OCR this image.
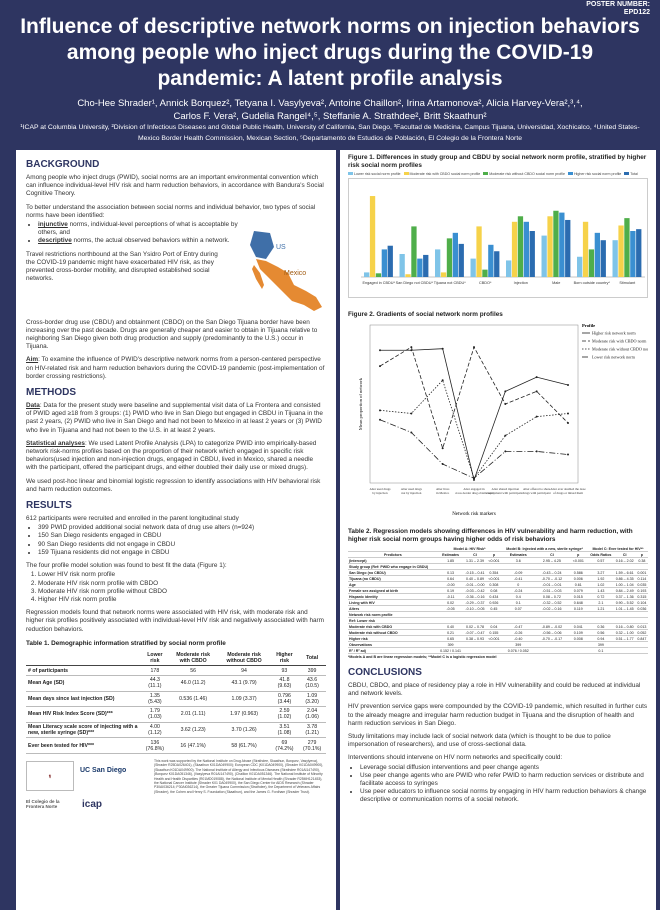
POSTER NUMBER:
EPD122
Influence of descriptive network norms on injection behaviors among people who inject drugs during the COVID-19 pandemic: A latent profile analysis
Cho-Hee Shrader¹, Annick Borquez², Tetyana I. Vasylyeva², Antoine Chaillon², Irina Artamonova², Alicia Harvey-Vera²,³,⁴,
Carlos F. Vera², Gudelia Rangel⁴,⁵, Steffanie A. Strathdee², Britt Skaathun²
¹ICAP at Columbia University, ²Division of Infectious Diseases and Global Public Health, University of California, San Diego, ³Facultad de Medicina, Campus Tijuana, Universidad, Xochicalco, ⁴United States-Mexico Border Health Commission, Mexican Section, ⁵Departamento de Estudios de Población, El Colegio de la Frontera Norte
BACKGROUND

Among people who inject drugs (PWID), social norms are an important environmental convention which can influence individual-level HIV risk and harm reduction behaviors, in accordance with Bandura's Social Cognitive Theory.

To better understand the association between social norms and individual behavior, two types of social norms have been identified:

• injunctive norms, individual-level perceptions of what is acceptable by others, and
• descriptive norms, the actual observed behaviors within a network.

Travel restrictions northbound at the San Ysidro Port of Entry during the COVID-19 pandemic might have exacerbated HIV risk, as they prevented cross-border mobility, and disrupted established social networks.

US
Mexico

Cross-border drug use (CBDU) and obtainment (CBDO) on the San Diego Tijuana border have been increasing over the past decade. Drugs are generally cheaper and easier to obtain in Tijuana relative to neighboring San Diego given both drug production and supply (predominantly to the U.S.) occur in Tijuana.

Aim: To examine the influence of PWID's descriptive network norms from a person-centered perspective on HIV-related risk and harm reduction behaviors during the COVID-19 pandemic (post-implementation of border crossing restrictions).

METHODS

Data: Data for the present study were baseline and supplemental visit data of La Frontera and consisted of PWID aged ≥18 from 3 groups: (1) PWID who live in San Diego but engaged in CBDU in Tijuana in the past 2 years, (2) PWID who live in San Diego and had not been to Mexico in at least 2 years or (3) PWID who live in Tijuana and had not been to the U.S. in at least 2 years.

Statistical analyses: We used Latent Profile Analysis (LPA) to categorize PWID into empirically-based network risk-norms profiles based on the proportion of their network which engaged in specific risk behaviors(used injection and non-injection drugs, engaged in CBDU, lived in Mexico, shared a needle with the participant, offered the participant drugs, and either doubled their daily use or mixed drugs).

We used post-hoc linear and binomial logistic regression to identify associations with HIV behavioral risk and harm reduction outcomes.

RESULTS

612 participants were recruited and enrolled in the parent longitudinal study

• 399 PWID provided additional social network data of drug use alters (n=924)
• 150 San Diego residents engaged in CBDU
• 90 San Diego residents did not engage in CBDU
• 159 Tijuana residents did not engage in CBDU

The four profile model solution was found to best fit the data (Figure 1):

1. Lower HIV risk norm profile
2. Moderate HIV risk norm profile with CBDO
3. Moderate HIV risk norm profile without CBDO
4. Higher HIV risk norm profile

Regression models found that network norms were associated with HIV risk, with moderate risk and higher risk profiles positively associated with individual-level HIV risk and negatively associated with harm reduction behaviors.

Table 1. Demographic information stratified by social norm profile
	Lower risk	Moderate risk with CBDO	Moderate risk without CBDO	Higher risk	Total
# of participants	178	56	94	93	399
Mean Age (SD)	44.3 (11.1)	46.0 (11.2)	43.1 (9.79)	41.8 (9.63)	43.6 (10.5)
Mean days since last injection (SD)	1.35 (5.43)	0.536 (1.46)	1.09 (3.37)	0.796 (3.44)	1.09 (3.20)
Mean HIV Risk Index Score (SD)***	1.79 (1.03)	2.01 (1.11)	1.97 (0.963)	2.59 (1.02)	2.04 (1.06)
Mean Literacy scale score of injecting with a new, sterile syringe (SD)***	4.00 (1.12)	3.62 (1.23)	3.70 (1.26)	3.51 (1.08)	3.78 (1.21)
Ever been tested for HIV***	136 (76.8%)	16 (47.1%)	58 (61.7%)	69 (74.2%)	279 (70.1%)
⚕
UC San Diego
El Colegio de la Frontera Norte	icap
This work was supported by the National Institute on Drug Abuse (Strathdee, Skaathun, Borquez, Vasylyeva), (Shrader R25DA026401), (Skaathun K01DA049900); European CDC (K01DA049900), (Shrader K01DA049900), (Skaathun K01DA049900). The National Institute of Allergy and Infectious Diseases (Strathdee R01AI147490), (Borquez K01DA051346), (Vasylyeva R01AI147490), (Chaillon K01DA051346). The National Institute of Minority Health and Health Disparities (R01MD019088), the National Institute of Mental Health (Shrader R25MH121453), the National Cancer Institute (Shrader K01 DA049900), the San Diego Center for AIDS Research (Shrader P30AI036214; P30AI036214), the Greater Tijuana Commission (Strathdee), the Department of Veterans Affairs (Shrader), the Cohen and Henry S. Foundation (Skaathun), and the James G. Fordham (Shrader Trust).
Figure 1. Differences in study group and CBDU by social network norm profile, stratified by higher risk social norm profiles
Lower risk social norm profile	Moderate risk with CBDO social norm profile	Moderate risk without CBDO social norm profile	Higher risk social norm profile	Total
Engaged in CBDU* San Diego not CBDU* Tijuana not CBDU*	CBDO*	Injection	Male	Born outside country* Stimulant
Figure 2. Gradients of social network norm profiles
Higher risk network norm
Moderate risk with CBDO norm
Moderate risk without CBDO norm
Lower risk network norm
Profile
Alter used drugs by injection
Alter used drugs not by injection
Alter lives in Mexico
Alter engaged in cross-border drug obtainment
Alter shared injection equipment with participant
Alter offered to share drugs with participant
Alter ever doubled the dose of drugs or mixed them
Network risk markers
Mean proportion of network
Table 2. Regression models showing differences in HIV vulnerability and harm reduction, with higher risk social norm groups having higher odds of risk behaviors
	Model A: HIV Risk*			Model B: Injected with a new, sterile syringe*			Model C: Ever tested for HIV**		
Predictors	Estimates	CI	p	Estimates	CI	p	Odds Ratios	CI	p
(Intercept)	1.85	1.31 – 2.39	<0.001	3.6	2.95 – 4.25	<0.001	0.57	0.16 – 2.02	0.38
Study group (Ref: PWID who engage in CBDU)									
San Diego (no CBDU)	0.13	-0.15 – 0.41	0.354	-0.09	-0.43 – 0.24	0.586	3.27	1.59 – 6.61	0.001
Tijuana (no CBDU)	0.64	0.40 – 0.89	<0.001	-0.41	-0.70 – -0.12	0.006	1.92	0.86 – 4.35	0.114
Age	-0.00	-0.01 – 0.00	0.308	0	-0.01 – 0.01	0.61	1.02	1.00 – 1.04	0.035
Female sex assigned at birth	0.19	-0.03 – 0.42	0.08	-0.24	-0.51 – 0.03	0.079	1.43	0.84 – 2.49	0.193
Hispanic identity	-0.11	-0.36 – 0.16	0.434	0.4	0.08 – 0.72	0.015	0.72	0.37 – 1.36	0.315
Living with HIV	0.02	-0.29 – 0.37	0.926	0.1	-0.32 – 0.52	0.648	2.1	0.90 – 5.52	0.104
Alters	-0.05	-0.10 – 0.05	0.45	0.07	-0.02 – 0.16	0.119	1.21	1.01 – 1.45	0.036
Network risk norm profile									
Ref: Lower risk									
Moderate risk with CBDO	0.40	0.02 – 0.78	0.04	-0.47	-0.89 – -0.02	0.041	0.36	0.16 – 0.80	0.013
Moderate risk without CBDO	0.21	-0.07 – 0.47	0.155	-0.26	-0.56 – 0.06	0.109	0.56	0.32 – 1.00	0.052
Higher risk	0.65	0.38 – 0.93	<0.001	-0.40	-0.70 – -0.17	0.008	0.94	0.51 – 1.77	0.847
Observations	399			399			399		
R² / R² adj	0.152 / 0.141			0.076 / 0.052			0.1		
*Models A and B are linear regression models; **Model C is a logistic regression model
CONCLUSIONS

CBDU, CBDO, and place of residency play a role in HIV vulnerability and could be reduced at individual and network levels.

HIV prevention service gaps were compounded by the COVID-19 pandemic, which resulted in further cuts to the already meagre and irregular harm reduction budget in Tijuana and the disruption of health and harm reduction services in San Diego.

Study limitations may include lack of social network data (which is thought to be due to police impersonation of researchers), and use of cross-sectional data.

Interventions should intervene on HIV norm networks and specifically could:

• Leverage social diffusion interventions and peer change agents
• Use peer change agents who are PWID who refer PWID to harm reduction services or distribute and facilitate access to syringes
• Use peer educators to influence social norms by engaging in HIV harm reduction behaviors & change descriptive or communication norms of a social network.
